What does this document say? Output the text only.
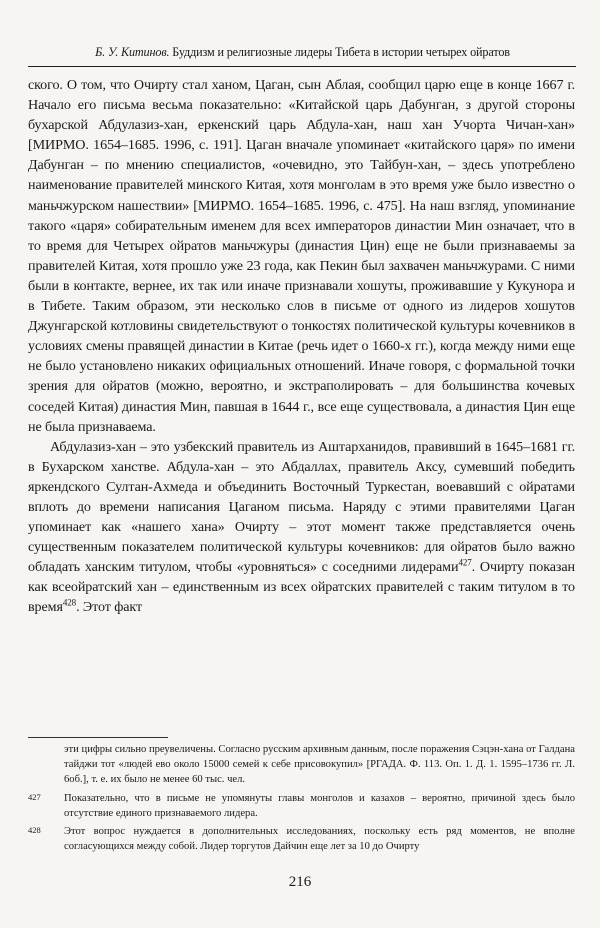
Б. У. Китинов. Буддизм и религиозные лидеры Тибета в истории четырех ойратов

ского. О том, что Очирту стал ханом, Цаган, сын Аблая, сообщил царю еще в конце 1667 г. Начало его письма весьма показательно: «Китайской царь Дабунган, з другой стороны бухарской Абдулазиз-хан, еркенский царь Абдула-хан, наш хан Учорта Чичан-хан» [МИРМО. 1654–1685. 1996, с. 191]. Цаган вначале упоминает «китайского царя» по имени Дабунган – по мнению специалистов, «очевидно, это Тайбун-хан, – здесь употреблено наименование правителей минского Китая, хотя монголам в это время уже было известно о маньчжурском нашествии» [МИРМО. 1654–1685. 1996, с. 475]. На наш взгляд, упоминание такого «царя» собирательным именем для всех императоров династии Мин означает, что в то время для Четырех ойратов маньчжуры (династия Цин) еще не были признаваемы за правителей Китая, хотя прошло уже 23 года, как Пекин был захвачен маньчжурами. С ними были в контакте, вернее, их так или иначе признавали хошуты, проживавшие у Кукунора и в Тибете. Таким образом, эти несколько слов в письме от одного из лидеров хошутов Джунгарской котловины свидетельствуют о тонкостях политической культуры кочевников в условиях смены правящей династии в Китае (речь идет о 1660-х гг.), когда между ними еще не было установлено никаких официальных отношений. Иначе говоря, с формальной точки зрения для ойратов (можно, вероятно, и экстраполировать – для большинства кочевых соседей Китая) династия Мин, павшая в 1644 г., все еще существовала, а династия Цин еще не была признаваема.

Абдулазиз-хан – это узбекский правитель из Аштарханидов, правивший в 1645–1681 гг. в Бухарском ханстве. Абдула-хан – это Абдаллах, правитель Аксу, сумевший победить яркендского Султан-Ахмеда и объединить Восточный Туркестан, воевавший с ойратами вплоть до времени написания Цаганом письма. Наряду с этими правителями Цаган упоминает как «нашего хана» Очирту – этот момент также представляется очень существенным показателем политической культуры кочевников: для ойратов было важно обладать ханским титулом, чтобы «уровняться» с соседними лидерами$^{427}$. Очирту показан как всеойратский хан – единственным из всех ойратских правителей с таким титулом в то время$^{428}$. Этот факт

эти цифры сильно преувеличены. Согласно русским архивным данным, после поражения Сэцэн-хана от Галдана тайджи тот «людей ево около 15000 семей к себе присовокупил» [РГАДА. Ф. 113. Оп. 1. Д. 1. 1595–1736 гг. Л. 6об.], т. е. их было не менее 60 тыс. чел.
427	Показательно, что в письме не упомянуты главы монголов и казахов – вероятно, причиной здесь было отсутствие единого признаваемого лидера.
428	Этот вопрос нуждается в дополнительных исследованиях, поскольку есть ряд моментов, не вполне согласующихся между собой. Лидер торгутов Дайчин еще лет за 10 до Очирту
216
